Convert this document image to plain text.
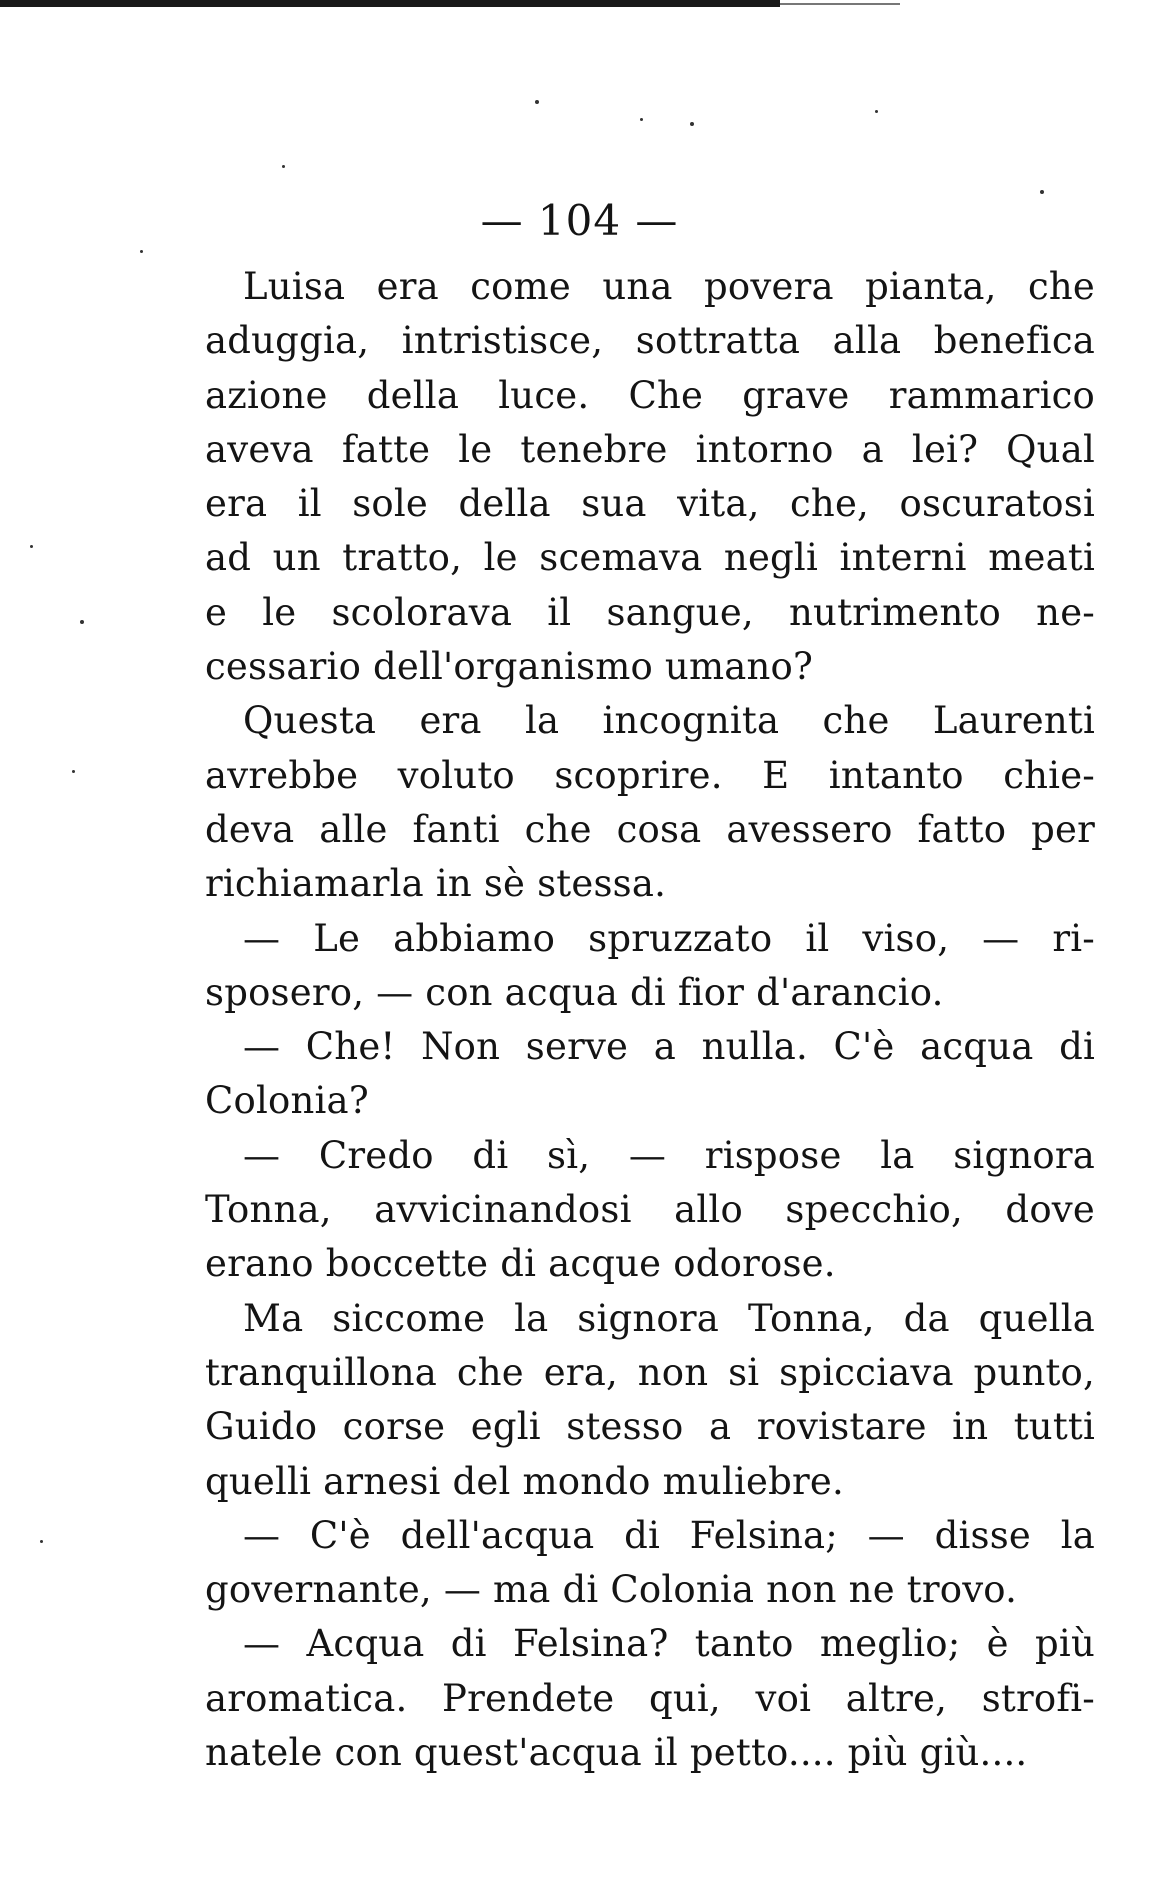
— 104 —
Luisa era come una povera pianta, che
aduggia, intristisce, sottratta alla benefica
azione della luce. Che grave rammarico
aveva fatte le tenebre intorno a lei? Qual
era il sole della sua vita, che, oscuratosi
ad un tratto, le scemava negli interni meati
e le scolorava il sangue, nutrimento ne-
cessario dell'organismo umano?
Questa era la incognita che Laurenti
avrebbe voluto scoprire. E intanto chie-
deva alle fanti che cosa avessero fatto per
richiamarla in sè stessa.
— Le abbiamo spruzzato il viso, — ri-
sposero, — con acqua di fior d'arancio.
— Che! Non serve a nulla. C'è acqua di
Colonia?
— Credo di sì, — rispose la signora
Tonna, avvicinandosi allo specchio, dove
erano boccette di acque odorose.
Ma siccome la signora Tonna, da quella
tranquillona che era, non si spicciava punto,
Guido corse egli stesso a rovistare in tutti
quelli arnesi del mondo muliebre.
— C'è dell'acqua di Felsina; — disse la
governante, — ma di Colonia non ne trovo.
— Acqua di Felsina? tanto meglio; è più
aromatica. Prendete qui, voi altre, strofi-
natele con quest'acqua il petto.... più giù....
